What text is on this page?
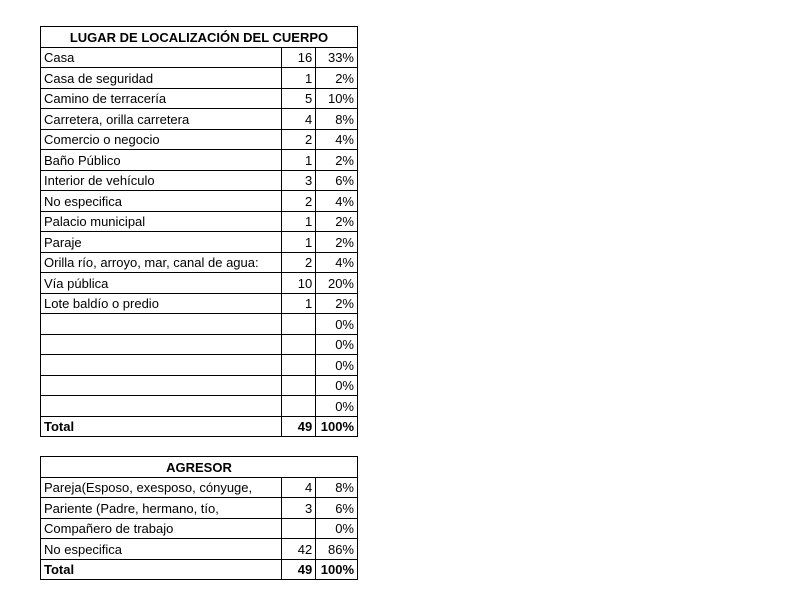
LUGAR DE LOCALIZACIÓN DEL CUERPO		
Casa	16	33%
Casa de seguridad	1	2%
Camino de terracería	5	10%
Carretera, orilla carretera	4	8%
Comercio o negocio	2	4%
Baño Público	1	2%
Interior de vehículo	3	6%
No especifica	2	4%
Palacio municipal	1	2%
Paraje	1	2%
Orilla río, arroyo, mar, canal de agua:	2	4%
Vía pública	10	20%
Lote baldío o predio	1	2%
		0%
		0%
		0%
		0%
		0%
Total	49	100%
AGRESOR		
Pareja(Esposo, exesposo, cónyuge,	4	8%
Pariente (Padre, hermano, tío,	3	6%
Compañero de trabajo		0%
No especifica	42	86%
Total	49	100%
